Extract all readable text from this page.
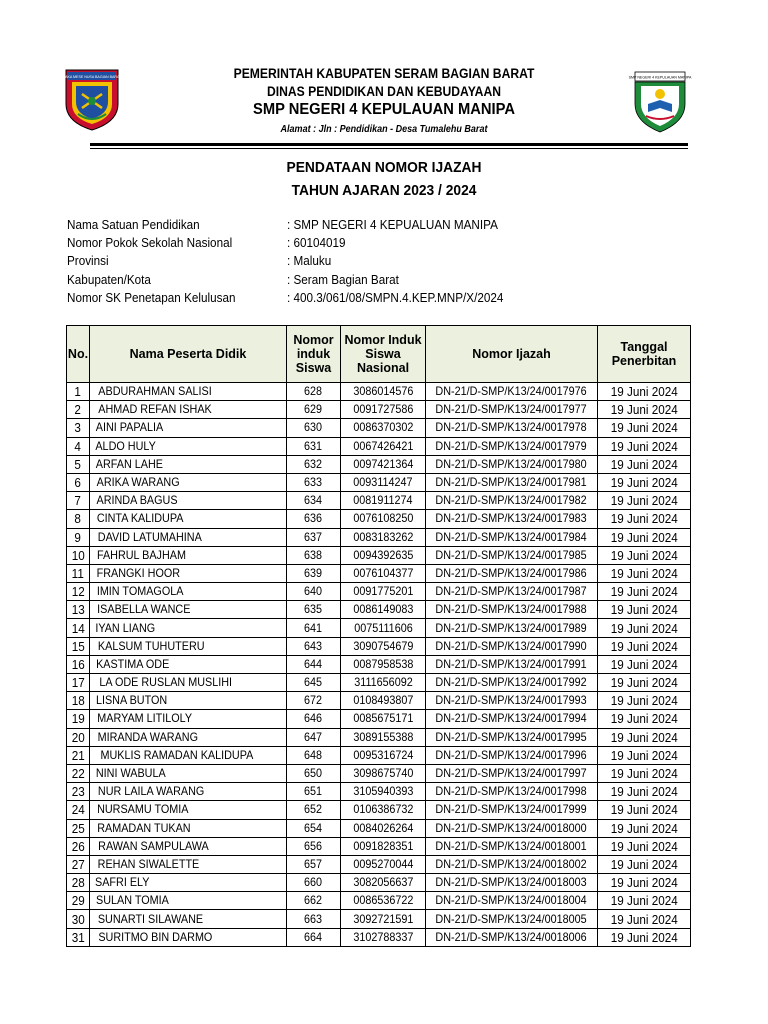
SAKA MESE NUSA BAGIAN BARAT	SMP NEGERI 4 KEPULAUAN MANIPA
PEMERINTAH KABUPATEN SERAM BAGIAN BARAT
DINAS PENDIDIKAN DAN KEBUDAYAAN
SMP NEGERI 4 KEPULAUAN MANIPA
Alamat : Jln : Pendidikan - Desa Tumalehu Barat
PENDATAAN NOMOR IJAZAH
TAHUN AJARAN 2023 / 2024
Nama Satuan Pendidikan	: SMP NEGERI 4 KEPUALUAN MANIPA
Nomor Pokok Sekolah Nasional	: 60104019
Provinsi	: Maluku
Kabupaten/Kota	: Seram Bagian Barat
Nomor SK Penetapan Kelulusan	: 400.3/061/08/SMPN.4.KEP.MNP/X/2024
No.	Nama Peserta Didik	Nomor induk Siswa	Nomor Induk Siswa Nasional	Nomor Ijazah	Tanggal Penerbitan
1	ABDURAHMAN SALISI	628	3086014576	DN-21/D-SMP/K13/24/0017976	19 Juni 2024
2	AHMAD REFAN ISHAK	629	0091727586	DN-21/D-SMP/K13/24/0017977	19 Juni 2024
3	AINI PAPALIA	630	0086370302	DN-21/D-SMP/K13/24/0017978	19 Juni 2024
4	ALDO HULY	631	0067426421	DN-21/D-SMP/K13/24/0017979	19 Juni 2024
5	ARFAN LAHE	632	0097421364	DN-21/D-SMP/K13/24/0017980	19 Juni 2024
6	ARIKA WARANG	633	0093114247	DN-21/D-SMP/K13/24/0017981	19 Juni 2024
7	ARINDA BAGUS	634	0081911274	DN-21/D-SMP/K13/24/0017982	19 Juni 2024
8	CINTA KALIDUPA	636	0076108250	DN-21/D-SMP/K13/24/0017983	19 Juni 2024
9	DAVID LATUMAHINA	637	0083183262	DN-21/D-SMP/K13/24/0017984	19 Juni 2024
10	FAHRUL BAJHAM	638	0094392635	DN-21/D-SMP/K13/24/0017985	19 Juni 2024
11	FRANGKI HOOR	639	0076104377	DN-21/D-SMP/K13/24/0017986	19 Juni 2024
12	IMIN TOMAGOLA	640	0091775201	DN-21/D-SMP/K13/24/0017987	19 Juni 2024
13	ISABELLA WANCE	635	0086149083	DN-21/D-SMP/K13/24/0017988	19 Juni 2024
14	IYAN LIANG	641	0075111606	DN-21/D-SMP/K13/24/0017989	19 Juni 2024
15	KALSUM TUHUTERU	643	3090754679	DN-21/D-SMP/K13/24/0017990	19 Juni 2024
16	KASTIMA ODE	644	0087958538	DN-21/D-SMP/K13/24/0017991	19 Juni 2024
17	LA ODE RUSLAN MUSLIHI	645	3111656092	DN-21/D-SMP/K13/24/0017992	19 Juni 2024
18	LISNA BUTON	672	0108493807	DN-21/D-SMP/K13/24/0017993	19 Juni 2024
19	MARYAM LITILOLY	646	0085675171	DN-21/D-SMP/K13/24/0017994	19 Juni 2024
20	MIRANDA WARANG	647	3089155388	DN-21/D-SMP/K13/24/0017995	19 Juni 2024
21	MUKLIS RAMADAN KALIDUPA	648	0095316724	DN-21/D-SMP/K13/24/0017996	19 Juni 2024
22	NINI WABULA	650	3098675740	DN-21/D-SMP/K13/24/0017997	19 Juni 2024
23	NUR LAILA WARANG	651	3105940393	DN-21/D-SMP/K13/24/0017998	19 Juni 2024
24	NURSAMU TOMIA	652	0106386732	DN-21/D-SMP/K13/24/0017999	19 Juni 2024
25	RAMADAN TUKAN	654	0084026264	DN-21/D-SMP/K13/24/0018000	19 Juni 2024
26	RAWAN SAMPULAWA	656	0091828351	DN-21/D-SMP/K13/24/0018001	19 Juni 2024
27	REHAN SIWALETTE	657	0095270044	DN-21/D-SMP/K13/24/0018002	19 Juni 2024
28	SAFRI ELY	660	3082056637	DN-21/D-SMP/K13/24/0018003	19 Juni 2024
29	SULAN TOMIA	662	0086536722	DN-21/D-SMP/K13/24/0018004	19 Juni 2024
30	SUNARTI SILAWANE	663	3092721591	DN-21/D-SMP/K13/24/0018005	19 Juni 2024
31	SURITMO BIN DARMO	664	3102788337	DN-21/D-SMP/K13/24/0018006	19 Juni 2024
